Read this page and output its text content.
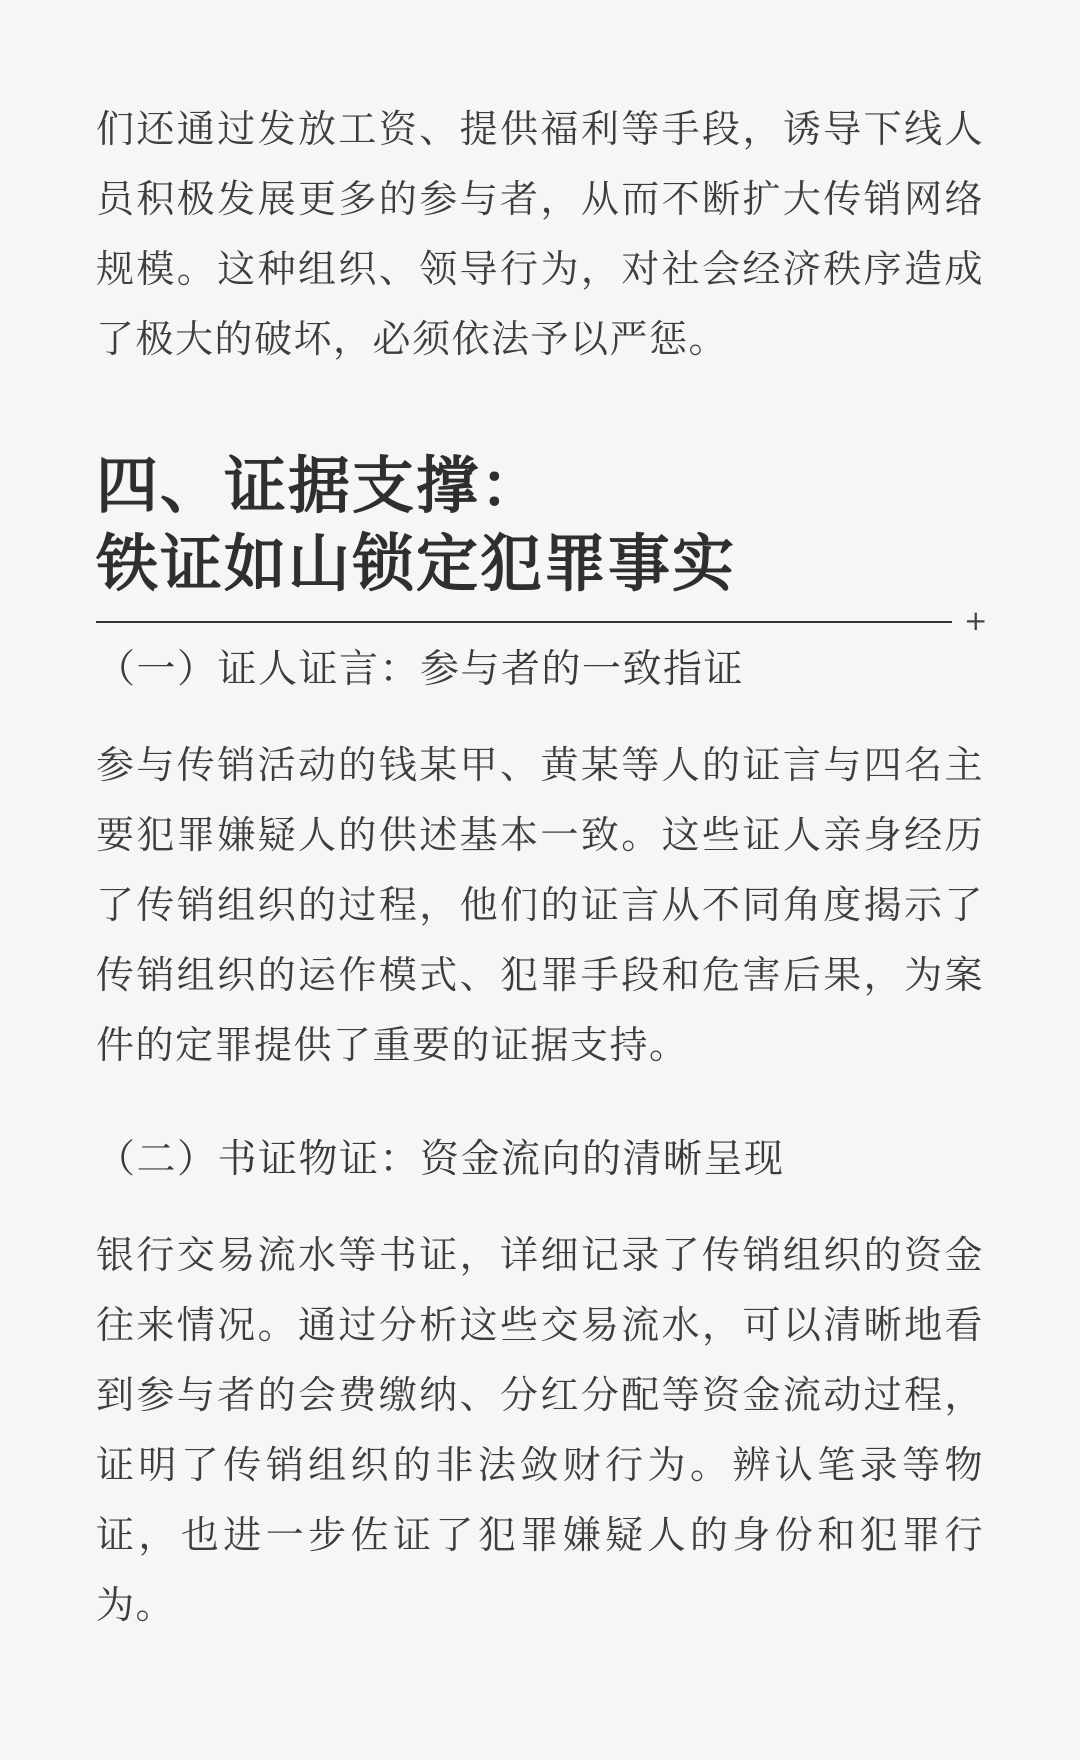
们还通过发放工资、提供福利等手段，诱导下线人员积极发展更多的参与者，从而不断扩大传销网络规模。这种组织、领导行为，对社会经济秩序造成了极大的破坏，必须依法予以严惩。

四、证据支撑：
铁证如山锁定犯罪事实
+
（一）证人证言：参与者的一致指证

参与传销活动的钱某甲、黄某等人的证言与四名主要犯罪嫌疑人的供述基本一致。这些证人亲身经历了传销组织的过程，他们的证言从不同角度揭示了传销组织的运作模式、犯罪手段和危害后果，为案件的定罪提供了重要的证据支持。

（二）书证物证：资金流向的清晰呈现

银行交易流水等书证，详细记录了传销组织的资金往来情况。通过分析这些交易流水，可以清晰地看到参与者的会费缴纳、分红分配等资金流动过程，证明了传销组织的非法敛财行为。辨认笔录等物证，也进一步佐证了犯罪嫌疑人的身份和犯罪行为。
